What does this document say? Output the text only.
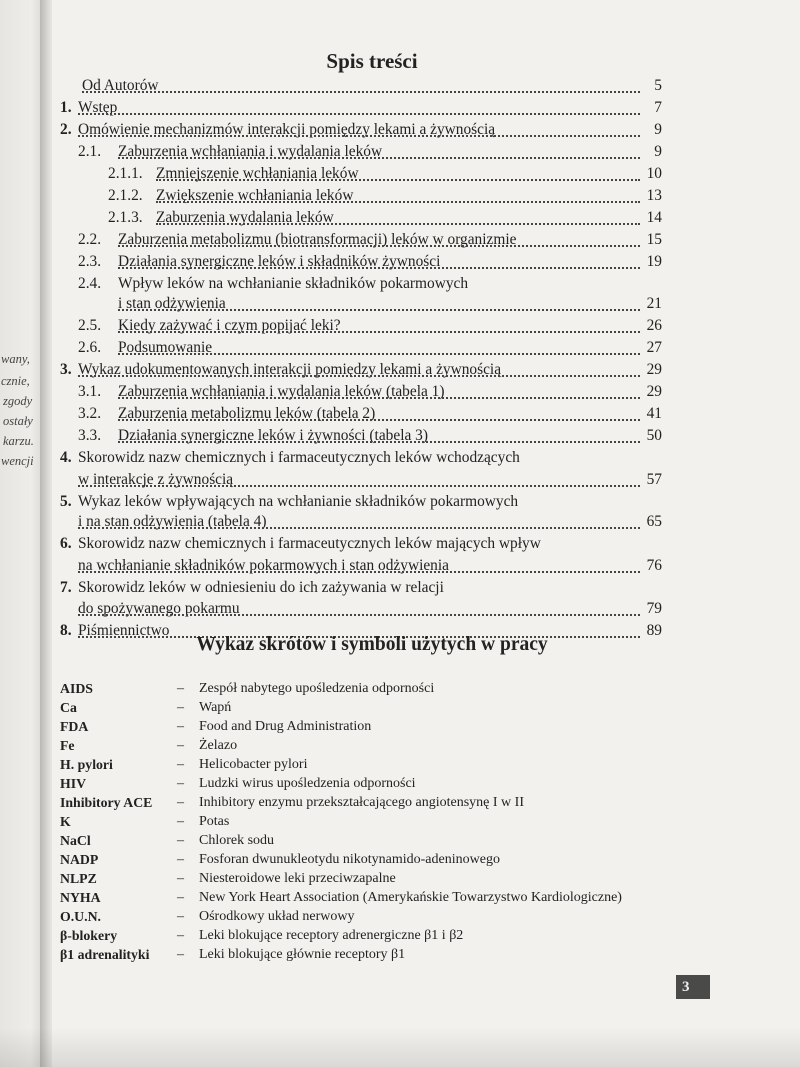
wany,
cznie,
zgody
ostały
karzu.
wencji
Spis treści
Od Autorów	5
1. Wstęp	7
2. Omówienie mechanizmów interakcji pomiędzy lekami a żywnością	9
2.1. Zaburzenia wchłaniania i wydalania leków	9
2.1.1. Zmniejszenie wchłaniania leków	10
2.1.2. Zwiększenie wchłaniania leków	13
2.1.3. Zaburzenia wydalania leków	14
2.2. Zaburzenia metabolizmu (biotransformacji) leków w organizmie	15
2.3. Działania synergiczne leków i składników żywności	19
2.4. Wpływ leków na wchłanianie składników pokarmowych
i stan odżywienia	21
2.5. Kiedy zażywać i czym popijać leki?	26
2.6. Podsumowanie	27
3. Wykaz udokumentowanych interakcji pomiędzy lekami a żywnością	29
3.1. Zaburzenia wchłaniania i wydalania leków (tabela 1)	29
3.2. Zaburzenia metabolizmu leków (tabela 2)	41
3.3. Działania synergiczne leków i żywności (tabela 3)	50
4. Skorowidz nazw chemicznych i farmaceutycznych leków wchodzących
w interakcje z żywnością	57
5. Wykaz leków wpływających na wchłanianie składników pokarmowych
i na stan odżywienia (tabela 4)	65
6. Skorowidz nazw chemicznych i farmaceutycznych leków mających wpływ
na wchłanianie składników pokarmowych i stan odżywienia	76
7. Skorowidz leków w odniesieniu do ich zażywania w relacji
do spożywanego pokarmu	79
8. Piśmiennictwo	89
Wykaz skrótów i symboli użytych w pracy
AIDS	– Zespół nabytego upośledzenia odporności
Ca	– Wapń
FDA	– Food and Drug Administration
Fe	– Żelazo
H. pylori	– Helicobacter pylori
HIV	– Ludzki wirus upośledzenia odporności
Inhibitory ACE – Inhibitory enzymu przekształcającego angiotensynę I w II
K	– Potas
NaCl	– Chlorek sodu
NADP	– Fosforan dwunukleotydu nikotynamido-adeninowego
NLPZ	– Niesteroidowe leki przeciwzapalne
NYHA	– New York Heart Association (Amerykańskie Towarzystwo Kardiologiczne)
O.U.N.	– Ośrodkowy układ nerwowy
β-blokery	– Leki blokujące receptory adrenergiczne β1 i β2
β1 adrenalityki – Leki blokujące głównie receptory β1
3
